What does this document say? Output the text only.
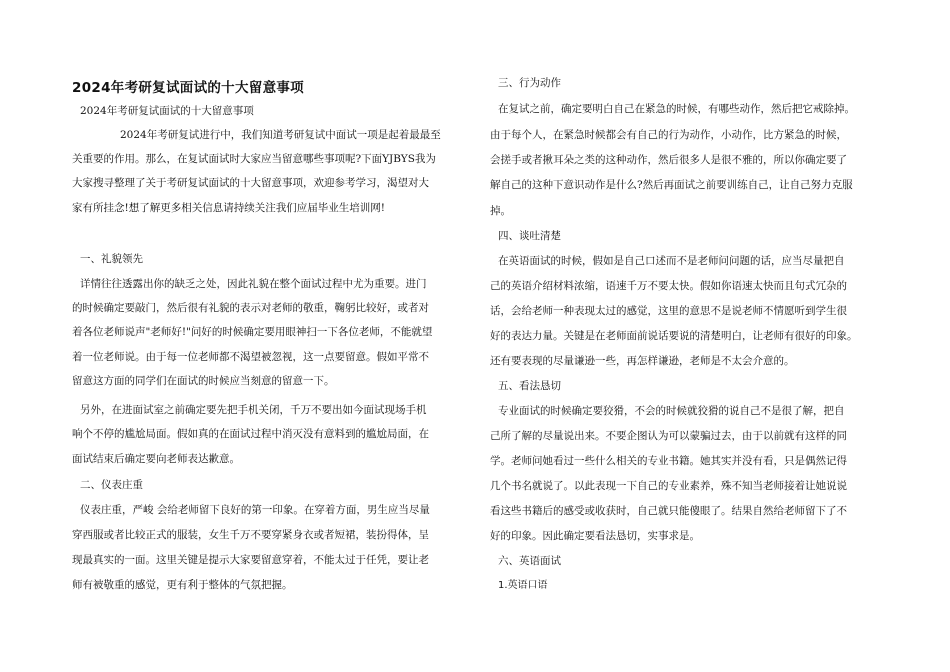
2024年考研复试面试的十大留意事项
2024年考研复试面试的十大留意事项
2024年考研复试进行中，我们知道考研复试中面试一项是起着最最至
关重要的作用。那么，在复试面试时大家应当留意哪些事项呢?下面YJBYS我为
大家搜寻整理了关于考研复试面试的十大留意事项，欢迎参考学习，渴望对大
家有所挂念!想了解更多相关信息请持续关注我们应届毕业生培训网!
一、礼貌领先
详情往往透露出你的缺乏之处，因此礼貌在整个面试过程中尤为重要。进门
的时候确定要敲门，然后很有礼貌的表示对老师的敬重，鞠躬比较好，或者对
着各位老师说声"老师好!"问好的时候确定要用眼神扫一下各位老师，不能就望
着一位老师说。由于每一位老师都不渴望被忽视，这一点要留意。假如平常不
留意这方面的同学们在面试的时候应当刻意的留意一下。
另外，在进面试室之前确定要先把手机关闭，千万不要出如今面试现场手机
响个不停的尴尬局面。假如真的在面试过程中消灭没有意料到的尴尬局面，在
面试结束后确定要向老师表达歉意。
二、仪表庄重
仪表庄重，严峻 会给老师留下良好的第一印象。在穿着方面，男生应当尽量
穿西服或者比较正式的服装，女生千万不要穿紧身衣或者短裙，装扮得体，呈
现最真实的一面。这里关键是提示大家要留意穿着，不能太过于任凭，要让老
师有被敬重的感觉，更有利于整体的气氛把握。
三、行为动作
在复试之前，确定要明白自己在紧急的时候，有哪些动作，然后把它戒除掉。
由于每个人，在紧急时候都会有自己的行为动作，小动作，比方紧急的时候，
会搓手或者揪耳朵之类的这种动作，然后很多人是很不雅的，所以你确定要了
解自己的这种下意识动作是什么?然后再面试之前要训练自己，让自己努力克服
掉。
四、谈吐清楚
在英语面试的时候，假如是自己口述而不是老师问问题的话，应当尽量把自
己的英语介绍材料浓缩，语速千万不要太快。假如你语速太快而且句式冗杂的
话，会给老师一种表现太过的感觉，这里的意思不是说老师不情愿听到学生很
好的表达力量。关键是在老师面前说话要说的清楚明白，让老师有很好的印象。
还有要表现的尽量谦逊一些，再怎样谦逊，老师是不太会介意的。
五、看法恳切
专业面试的时候确定要狡猾，不会的时候就狡猾的说自己不是很了解，把自
己所了解的尽量说出来。不要企图认为可以蒙骗过去，由于以前就有这样的同
学。老师问她看过一些什么相关的专业书籍。她其实并没有看，只是偶然记得
几个书名就说了。以此表现一下自己的专业素养，殊不知当老师接着让她说说
看这些书籍后的感受或收获时，自己就只能傻眼了。结果自然给老师留下了不
好的印象。因此确定要看法恳切，实事求是。
六、英语面试
1.英语口语
